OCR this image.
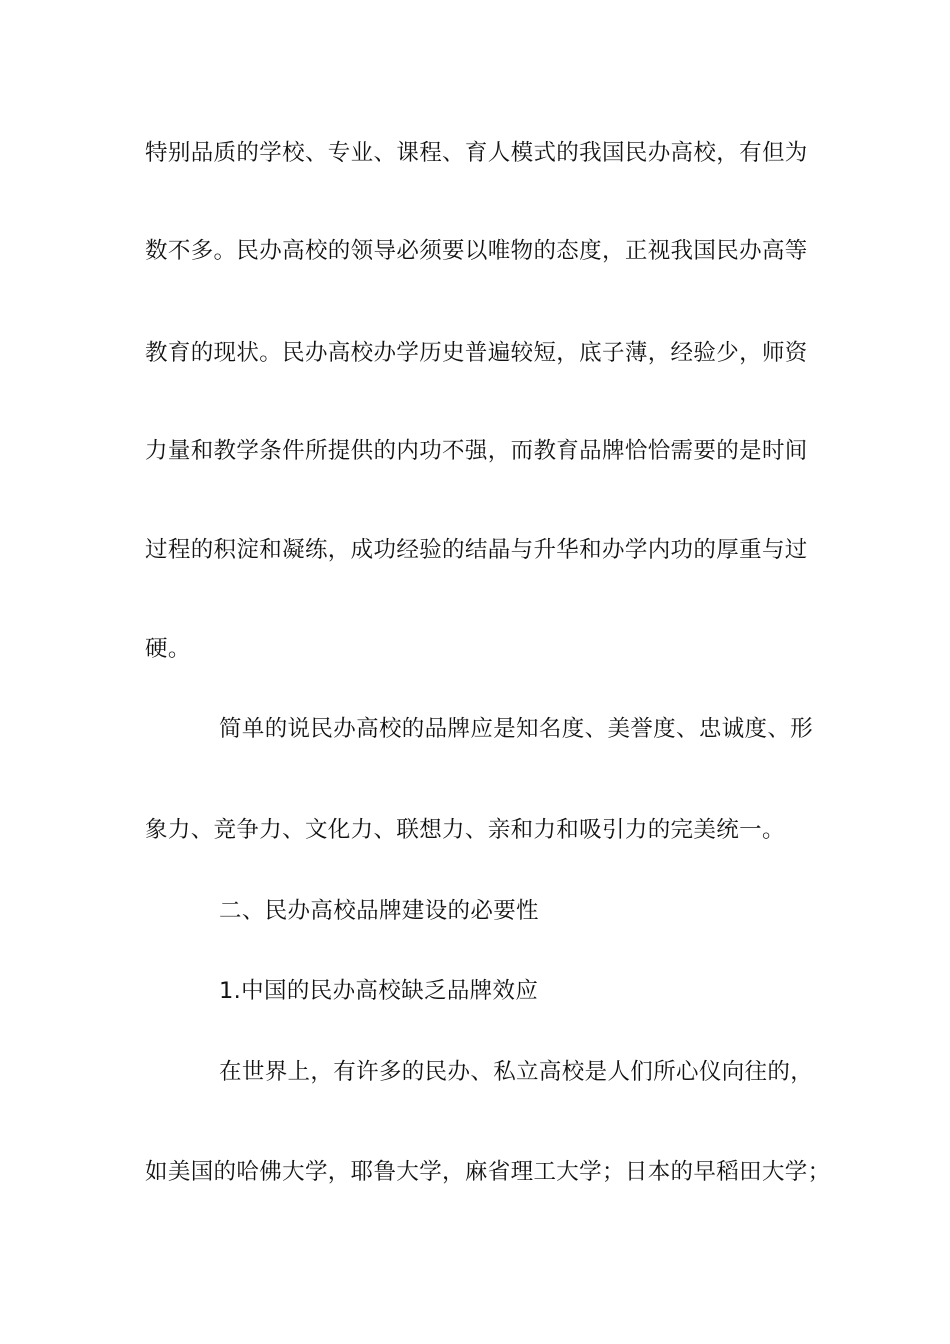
特别品质的学校、专业、课程、育人模式的我国民办高校，有但为
数不多。民办高校的领导必须要以唯物的态度，正视我国民办高等
教育的现状。民办高校办学历史普遍较短，底子薄，经验少，师资
力量和教学条件所提供的内功不强，而教育品牌恰恰需要的是时间
过程的积淀和凝练，成功经验的结晶与升华和办学内功的厚重与过
硬。
简单的说民办高校的品牌应是知名度、美誉度、忠诚度、形
象力、竞争力、文化力、联想力、亲和力和吸引力的完美统一。
二、民办高校品牌建设的必要性
1.中国的民办高校缺乏品牌效应
在世界上，有许多的民办、私立高校是人们所心仪向往的，
如美国的哈佛大学，耶鲁大学，麻省理工大学；日本的早稻田大学；
